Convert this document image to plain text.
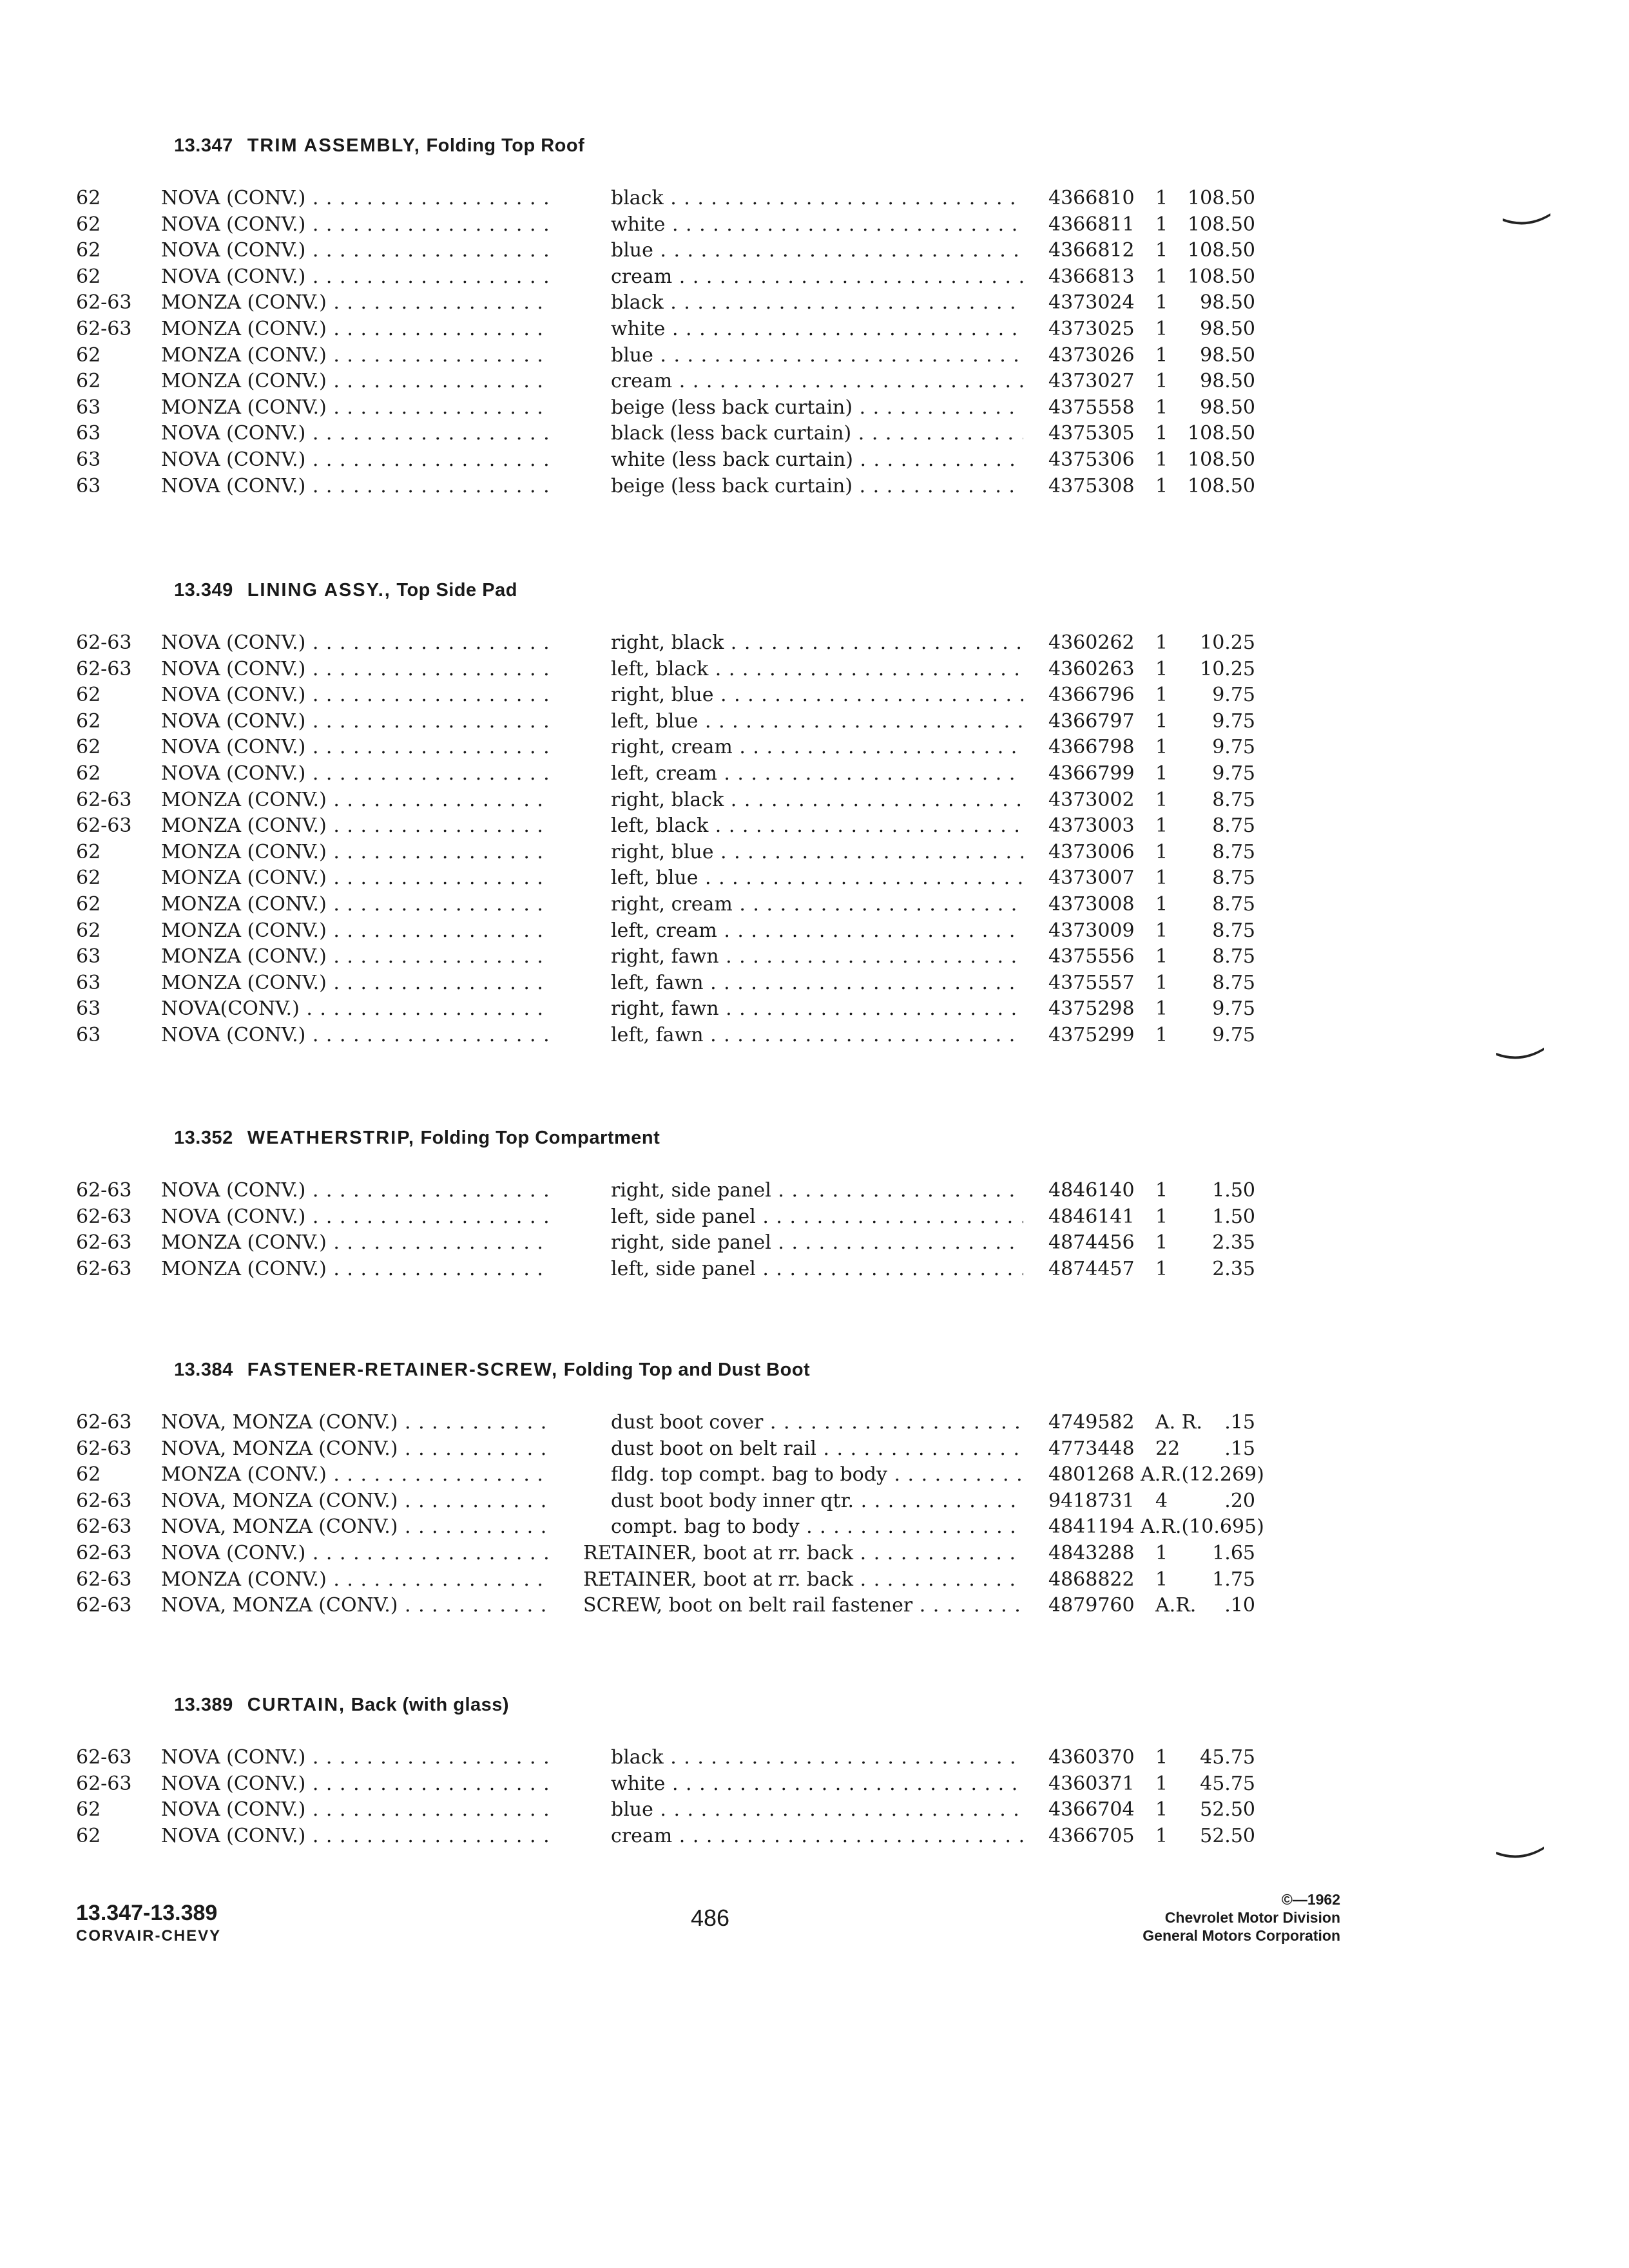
13.347 TRIM ASSEMBLY, Folding Top Roof
62	NOVA (CONV.) . . .	black . . .	4366810 1 108.50
62	NOVA (CONV.) . . .	white . . .	4366811 1 108.50
62	NOVA (CONV.) . . .	blue . . .	4366812 1 108.50
62	NOVA (CONV.) . . .	cream . . .	4366813 1 108.50
62-63 MONZA (CONV.) . . .	black . . .	4373024 1 98.50
62-63 MONZA (CONV.) . . .	white . . .	4373025 1 98.50
62	MONZA (CONV.) . . .	blue . . .	4373026 1 98.50
62	MONZA (CONV.) . . .	cream . . .	4373027 1 98.50
63	MONZA (CONV.) . . .	beige (less back curtain) . . .	4375558 1 98.50
63	NOVA (CONV.) . . .	black (less back curtain) . . .	4375305 1 108.50
63	NOVA (CONV.) . . .	white (less back curtain) . . .	4375306 1 108.50
63	NOVA (CONV.) . . .	beige (less back curtain) . . .	4375308 1 108.50
13.349 LINING ASSY., Top Side Pad
62-63 NOVA (CONV.) . . .	right, black . . .	4360262 1 10.25
62-63 NOVA (CONV.) . . .	left, black . . .	4360263 1 10.25
62	NOVA (CONV.) . . .	right, blue . . .	4366796 1 9.75
62	NOVA (CONV.) . . .	left, blue . . .	4366797 1 9.75
62	NOVA (CONV.) . . .	right, cream . . .	4366798 1 9.75
62	NOVA (CONV.) . . .	left, cream . . .	4366799 1 9.75
62-63 MONZA (CONV.) . . .	right, black . . .	4373002 1 8.75
62-63 MONZA (CONV.) . . .	left, black . . .	4373003 1 8.75
62	MONZA (CONV.) . . .	right, blue . . .	4373006 1 8.75
62	MONZA (CONV.) . . .	left, blue . . .	4373007 1 8.75
62	MONZA (CONV.) . . .	right, cream . . .	4373008 1 8.75
62	MONZA (CONV.) . . .	left, cream . . .	4373009 1 8.75
63	MONZA (CONV.) . . .	right, fawn . . .	4375556 1 8.75
63	MONZA (CONV.) . . .	left, fawn . . .	4375557 1 8.75
63	NOVA(CONV.) . . .	right, fawn . . .	4375298 1 9.75
63	NOVA (CONV.) . . .	left, fawn . . .	4375299 1 9.75
13.352 WEATHERSTRIP, Folding Top Compartment
62-63 NOVA (CONV.) . . .	right, side panel . . .	4846140 1 1.50
62-63 NOVA (CONV.) . . .	left, side panel . . .	4846141 1 1.50
62-63 MONZA (CONV.) . . .	right, side panel . . .	4874456 1 2.35
62-63 MONZA (CONV.) . . .	left, side panel . . .	4874457 1 2.35
13.384 FASTENER-RETAINER-SCREW, Folding Top and Dust Boot
62-63 NOVA, MONZA (CONV.) . . .	dust boot cover . . .	4749582 A. R. .15
62-63 NOVA, MONZA (CONV.) . . .	dust boot on belt rail . . .	4773448 22 .15
62	MONZA (CONV.) . . .	fldg. top compt. bag to body . . .	4801268 A.R.(12.269)
62-63 NOVA, MONZA (CONV.) . . .	dust boot body inner qtr. . . .	9418731 4	.20
62-63 NOVA, MONZA (CONV.) . . .	compt. bag to body . . .	4841194 A.R.(10.695)
62-63 NOVA (CONV.) . . .	RETAINER, boot at rr. back . . .	4843288 1 1.65
62-63 MONZA (CONV.) . . .	RETAINER, boot at rr. back . . .	4868822 1 1.75
62-63 NOVA, MONZA (CONV.) . . .	SCREW, boot on belt rail fastener . . .	4879760 A.R. .10
13.389 CURTAIN, Back (with glass)
62-63 NOVA (CONV.) . . .	black . . .	4360370 1 45.75
62-63 NOVA (CONV.) . . .	white . . .	4360371 1 45.75
62	NOVA (CONV.) . . .	blue . . .	4366704 1 52.50
62	NOVA (CONV.) . . .	cream . . .	4366705 1 52.50
13.347-13.389
CORVAIR-CHEVY
486
©—1962
Chevrolet Motor Division
General Motors Corporation
